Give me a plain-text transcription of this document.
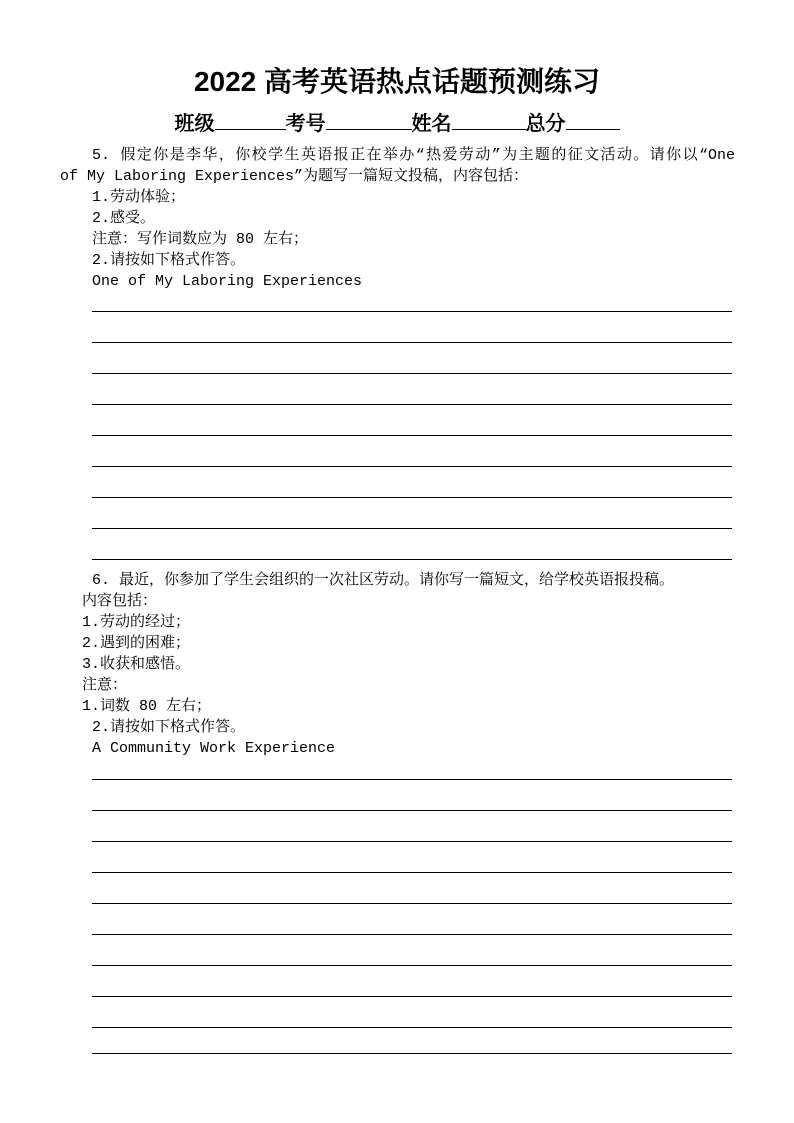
2022 高考英语热点话题预测练习
班级	考号	姓名	总分
5. 假定你是李华，你校学生英语报正在举办“热爱劳动”为主题的征文活动。请你以“One
of My Laboring Experiences”为题写一篇短文投稿，内容包括：
1.劳动体验；
2.感受。
注意：写作词数应为 80 左右；
2.请按如下格式作答。
One of My Laboring Experiences
6. 最近，你参加了学生会组织的一次社区劳动。请你写一篇短文，给学校英语报投稿。
内容包括：
1.劳动的经过；
2.遇到的困难；
3.收获和感悟。
注意：
1.词数 80 左右；
2.请按如下格式作答。
A Community Work Experience
